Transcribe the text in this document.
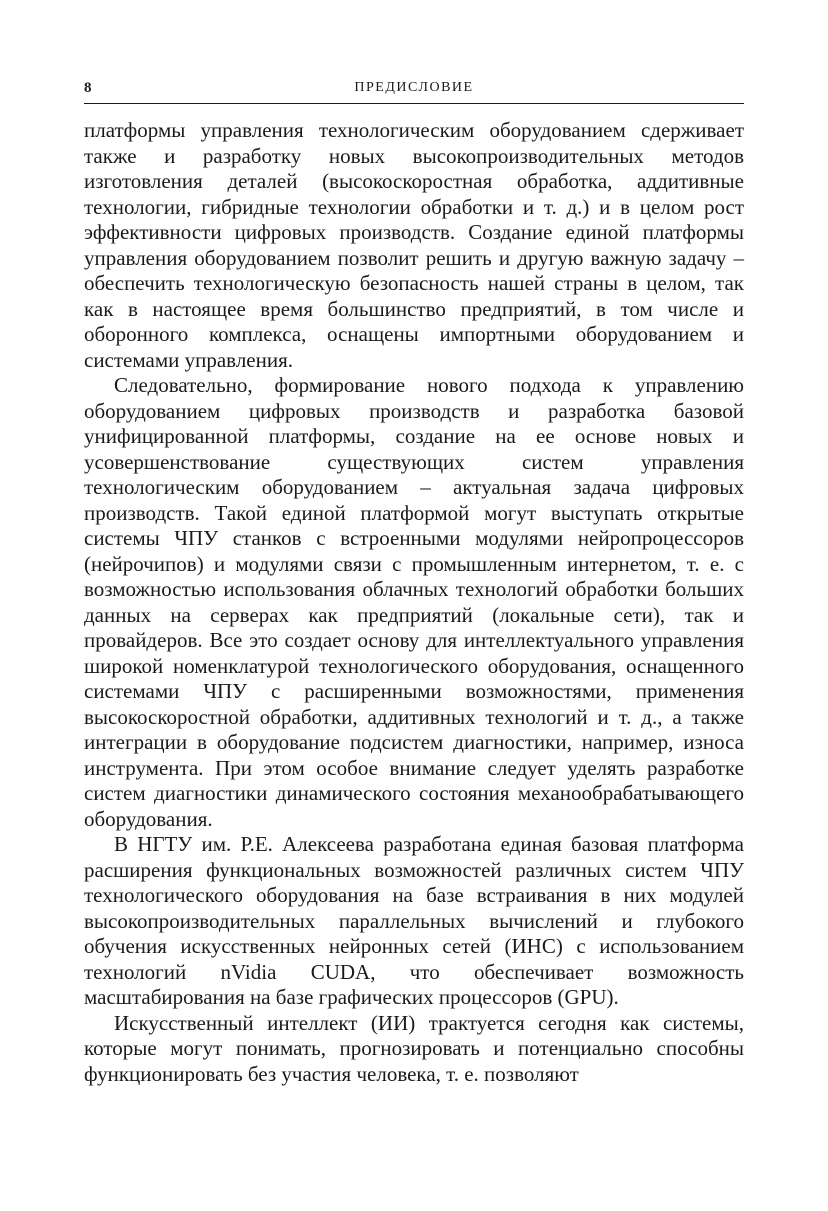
8	ПРЕДИСЛОВИЕ

платформы управления технологическим оборудованием сдерживает также и разработку новых высокопроизводительных методов изготовления деталей (высокоскоростная обработка, аддитивные технологии, гибридные технологии обработки и т. д.) и в целом рост эффективности цифровых производств. Создание единой платформы управления оборудованием позволит решить и другую важную задачу – обеспечить технологическую безопасность нашей страны в целом, так как в настоящее время большинство предприятий, в том числе и оборонного комплекса, оснащены импортными оборудованием и системами управления.

Следовательно, формирование нового подхода к управлению оборудованием цифровых производств и разработка базовой унифицированной платформы, создание на ее основе новых и усовершенствование существующих систем управления технологическим оборудованием – актуальная задача цифровых производств. Такой единой платформой могут выступать открытые системы ЧПУ станков с встроенными модулями нейропроцессоров (нейрочипов) и модулями связи с промышленным интернетом, т. е. с возможностью использования облачных технологий обработки больших данных на серверах как предприятий (локальные сети), так и провайдеров. Все это создает основу для интеллектуального управления широкой номенклатурой технологического оборудования, оснащенного системами ЧПУ с расширенными возможностями, применения высокоскоростной обработки, аддитивных технологий и т. д., а также интеграции в оборудование подсистем диагностики, например, износа инструмента. При этом особое внимание следует уделять разработке систем диагностики динамического состояния механообрабатывающего оборудования.

В НГТУ им. Р.Е. Алексеева разработана единая базовая платформа расширения функциональных возможностей различных систем ЧПУ технологического оборудования на базе встраивания в них модулей высокопроизводительных параллельных вычислений и глубокого обучения искусственных нейронных сетей (ИНС) с использованием технологий nVidia CUDA, что обеспечивает возможность масштабирования на базе графических процессоров (GPU).

Искусственный интеллект (ИИ) трактуется сегодня как системы, которые могут понимать, прогнозировать и потенциально способны функционировать без участия человека, т. е. позволяют
